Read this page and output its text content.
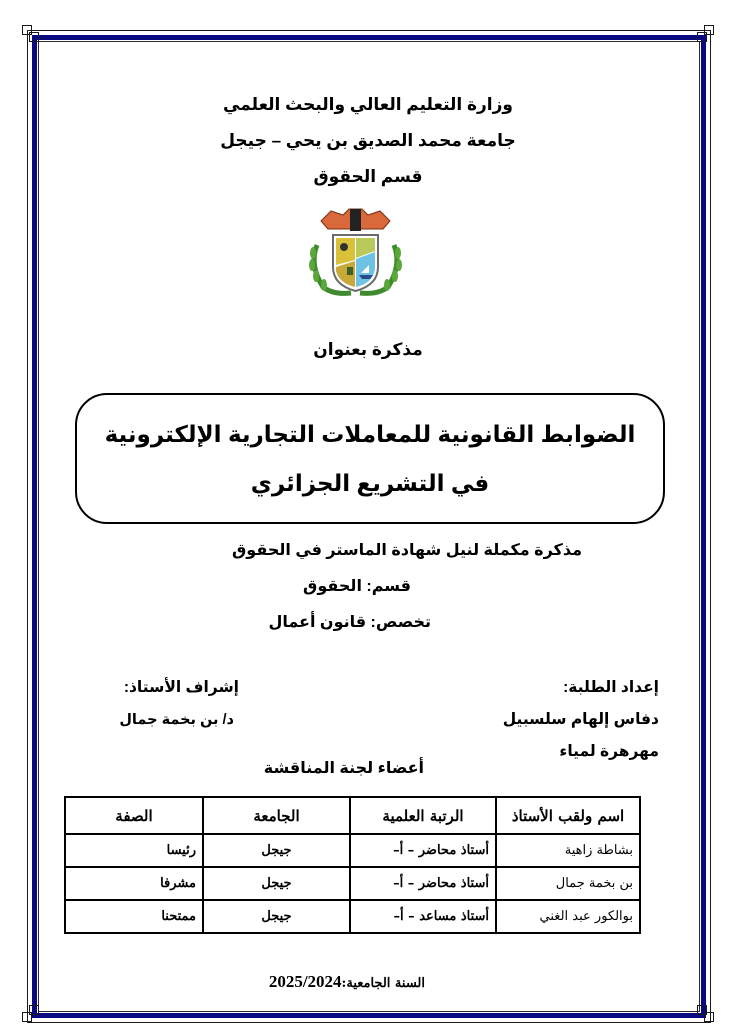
وزارة التعليم العالي والبحث العلمي
جامعة محمد الصديق بن يحي – جيجل
قسم الحقوق
مذكرة بعنوان
الضوابط القانونية للمعاملات التجارية الإلكترونية
في التشريع الجزائري
مذكرة مكملة لنيل شهادة الماستر في الحقوق
قسم: الحقوق
تخصص: قانون أعمال
إعداد الطلبة:
دفاس إلهام سلسبيل
مهرهرة لمياء
إشراف الأستاذ:
د/ بن بخمة جمال
أعضاء لجنة المناقشة
اسم ولقب الأستاذ	الرتبة العلمية	الجامعة	الصفة
بشاطة زاهية	أستاذ محاضر – أ–	جيجل	رئيسا
بن بخمة جمال	أستاذ محاضر – أ–	جيجل	مشرفا
بوالكور عبد الغني	أستاذ مساعد – أ–	جيجل	ممتحنا
السنة الجامعية:2025/2024
